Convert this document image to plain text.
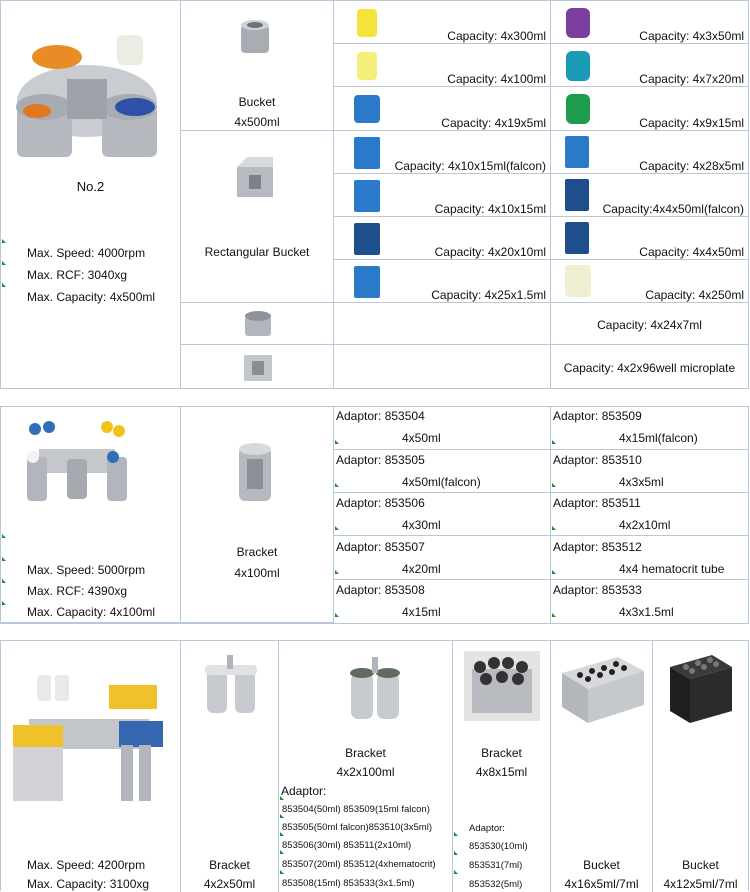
No.2
Max. Speed: 4000rpm
Max. RCF: 3040xg
Max. Capacity: 4x500ml
Bucket
4x500ml
Rectangular Bucket
Capacity: 4x300ml
Capacity: 4x100ml
Capacity: 4x19x5ml
Capacity: 4x10x15ml(falcon)
Capacity: 4x10x15ml
Capacity: 4x20x10ml
Capacity: 4x25x1.5ml
Capacity: 4x3x50ml
Capacity: 4x7x20ml
Capacity: 4x9x15ml
Capacity: 4x28x5ml
Capacity:4x4x50ml(falcon)
Capacity: 4x4x50ml
Capacity: 4x250ml
Capacity: 4x24x7ml
Capacity: 4x2x96well microplate
Max. Speed: 5000rpm
Max. RCF: 4390xg
Max. Capacity: 4x100ml
Bracket
4x100ml
Adaptor: 853504
4x50ml
Adaptor: 853505
4x50ml(falcon)
Adaptor: 853506
4x30ml
Adaptor: 853507
4x20ml
Adaptor: 853508
4x15ml
Adaptor: 853509
4x15ml(falcon)
Adaptor: 853510
4x3x5ml
Adaptor: 853511
4x2x10ml
Adaptor: 853512
4x4 hematocrit tube
Adaptor: 853533
4x3x1.5ml
Max. Speed: 4200rpm
Max. Capacity: 3100xg
Bracket
4x2x50ml
Bracket
4x2x100ml
Adaptor:
853504(50ml) 853509(15ml falcon)
853505(50ml falcon)853510(3x5ml)
853506(30ml) 853511(2x10ml)
853507(20ml) 853512(4xhematocrit)
853508(15ml) 853533(3x1.5ml)
Bracket
4x8x15ml
Adaptor:
853530(10ml)
853531(7ml)
853532(5ml)
Bucket
4x16x5ml/7ml
Bucket
4x12x5ml/7ml
